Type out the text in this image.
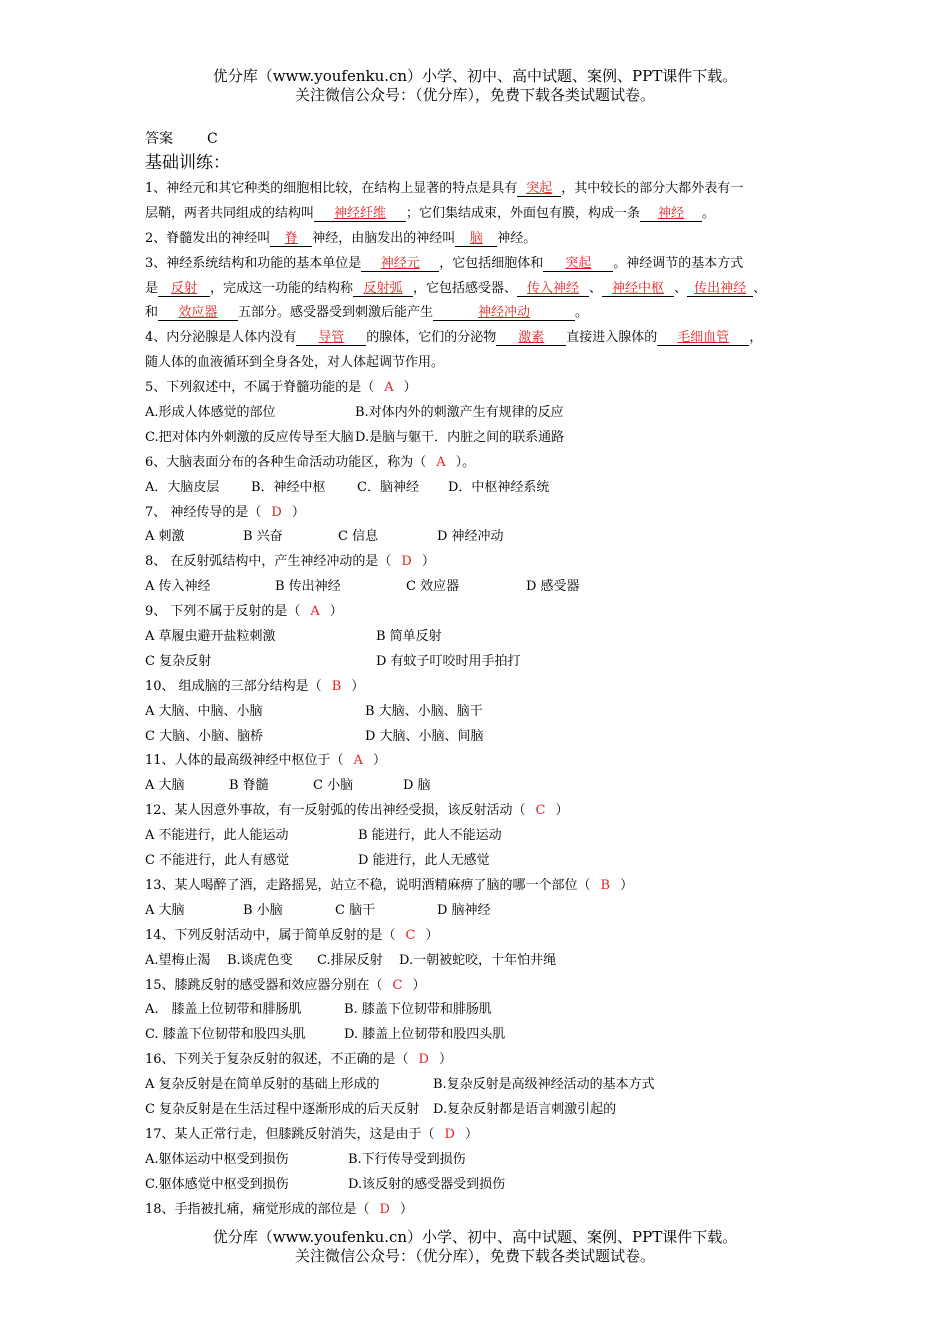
优分库（www.youfenku.cn）小学、初中、高中试题、案例、PPT课件下载。
关注微信公众号：（优分库），免费下载各类试题试卷。
答案 C
基础训练：
1、神经元和其它种类的细胞相比较，在结构上显著的特点是具有 突起 ，其中较长的部分大都外表有一
层鞘，两者共同组成的结构叫 神经纤维 ；它们集结成束，外面包有膜，构成一条 神经 。
2、脊髓发出的神经叫 脊 神经，由脑发出的神经叫 脑 神经。
3、神经系统结构和功能的基本单位是 神经元 ，它包括细胞体和 突起 。神经调节的基本方式
是 反射 ，完成这一功能的结构称 反射弧 ，它包括感受器、 传入神经 、 神经中枢 、 传出神经 、
和 效应器 五部分。感受器受到刺激后能产生	神经冲动	。
4、内分泌腺是人体内没有 导管 的腺体，它们的分泌物 激素 直接进入腺体的 毛细血管 ，
随人体的血液循环到全身各处，对人体起调节作用。
5、下列叙述中，不属于脊髓功能的是（ A ）
A.形成人体感觉的部位	B.对体内外的刺激产生有规律的反应
C.把对体内外刺激的反应传导至大脑 D.是脑与躯干．内脏之间的联系通路
6、大脑表面分布的各种生命活动功能区，称为（ A ）。
A．大脑皮层 B．神经中枢 C．脑神经 D．中枢神经系统
7、 神经传导的是（ D ）
A 刺激	B 兴奋	C 信息	D 神经冲动
8、 在反射弧结构中，产生神经冲动的是（ D ）
A 传入神经	B 传出神经	C 效应器	D 感受器
9、 下列不属于反射的是（ A ）
A 草履虫避开盐粒刺激	B 简单反射
C 复杂反射	D 有蚊子叮咬时用手拍打
10、 组成脑的三部分结构是（ B ）
A 大脑、中脑、小脑	B 大脑、小脑、脑干
C 大脑、小脑、脑桥	D 大脑、小脑、间脑
11、人体的最高级神经中枢位于（ A ）
A 大脑	B 脊髓	C 小脑	D 脑
12、某人因意外事故，有一反射弧的传出神经受损，该反射活动（ C ）
A 不能进行，此人能运动	B 能进行，此人不能运动
C 不能进行，此人有感觉	D 能进行，此人无感觉
13、某人喝醉了酒，走路摇晃，站立不稳，说明酒精麻痹了脑的哪一个部位（ B ）
A 大脑	B 小脑	C 脑干	D 脑神经
14、下列反射活动中，属于简单反射的是（ C ）
A.望梅止渴 B.谈虎色变 C.排尿反射 D.一朝被蛇咬，十年怕井绳
15、膝跳反射的感受器和效应器分别在（ C ）
A.　膝盖上位韧带和腓肠肌	B. 膝盖下位韧带和腓肠肌
C. 膝盖下位韧带和股四头肌	D. 膝盖上位韧带和股四头肌
16、下列关于复杂反射的叙述，不正确的是（ D ）
A 复杂反射是在简单反射的基础上形成的	B.复杂反射是高级神经活动的基本方式
C 复杂反射是在生活过程中逐渐形成的后天反射 D.复杂反射都是语言刺激引起的
17、某人正常行走，但膝跳反射消失，这是由于（ D ）
A.躯体运动中枢受到损伤	B.下行传导受到损伤
C.躯体感觉中枢受到损伤	D.该反射的感受器受到损伤
18、手指被扎痛，痛觉形成的部位是（ D ）
优分库（www.youfenku.cn）小学、初中、高中试题、案例、PPT课件下载。
关注微信公众号：（优分库），免费下载各类试题试卷。
